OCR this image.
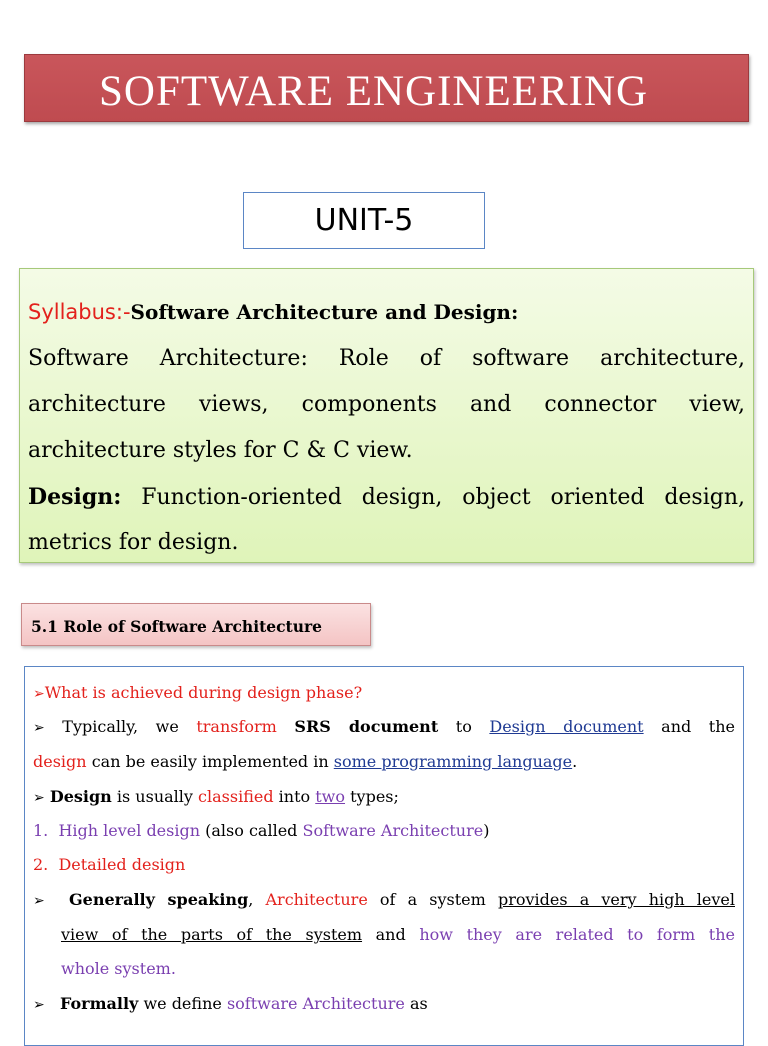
SOFTWARE ENGINEERING
UNIT-5
Syllabus:-Software Architecture and Design:
Software Architecture: Role of software architecture,
architecture views, components and connector view,
architecture styles for C & C view.
Design: Function-oriented design, object oriented design,
metrics for design.
5.1 Role of Software Architecture
➢What is achieved during design phase?
➢ Typically, we transform SRS document to Design document and the
design can be easily implemented in some programming language.
➢ Design is usually classified into two types;
1. High level design (also called Software Architecture)
2. Detailed design
➢ Generally speaking, Architecture of a system provides a very high level
view of the parts of the system and how they are related to form the
whole system.
➢ Formally we define software Architecture as
